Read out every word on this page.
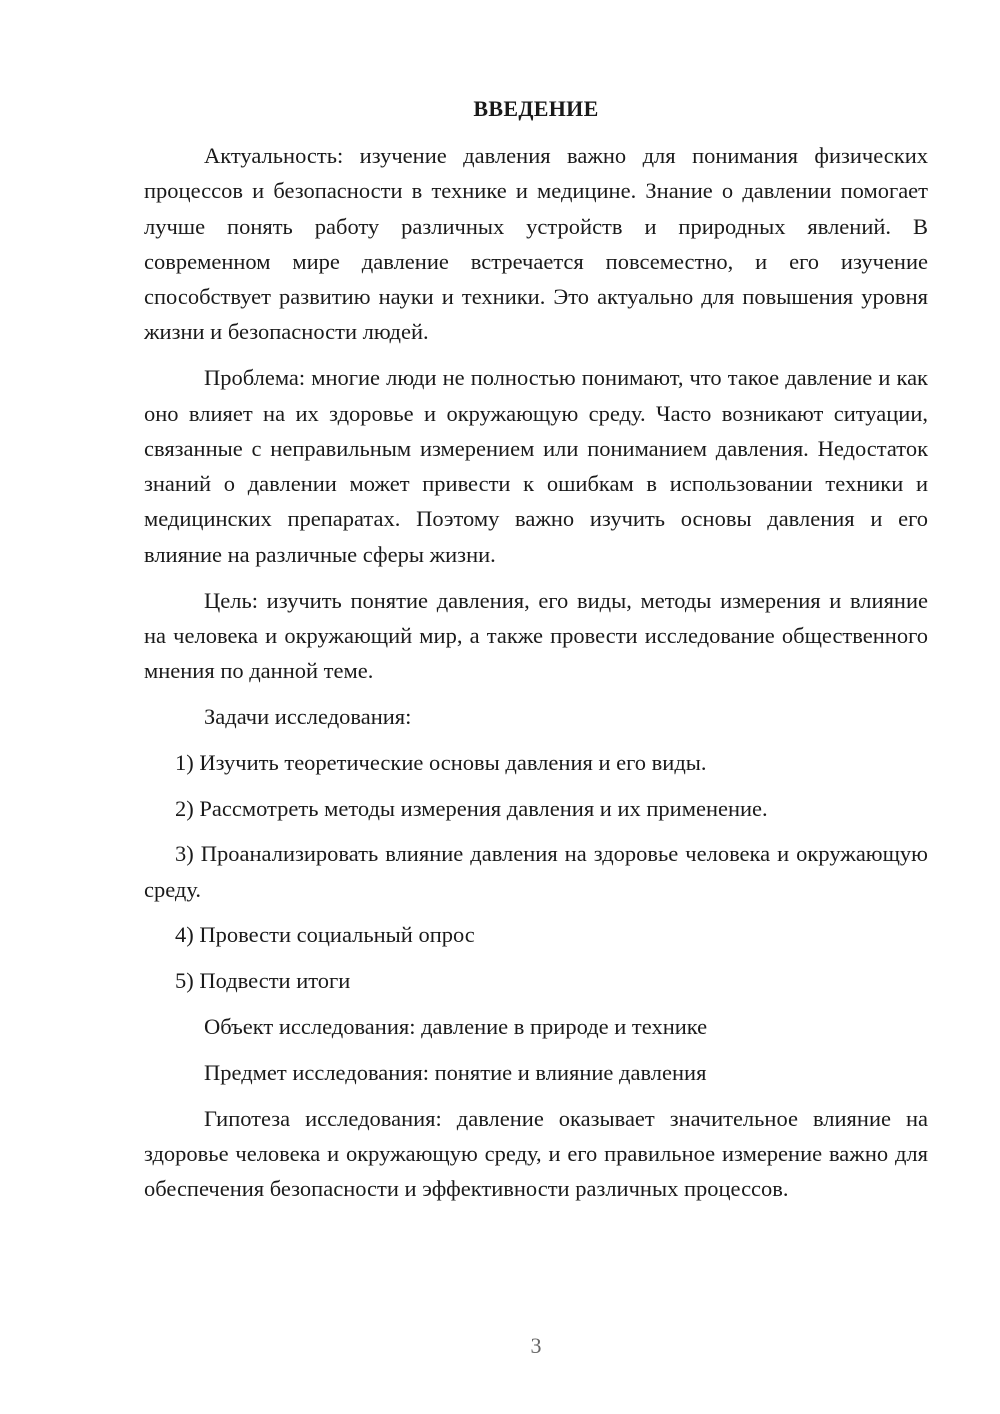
ВВЕДЕНИЕ

Актуальность: изучение давления важно для понимания физических процессов и безопасности в технике и медицине. Знание о давлении помогает лучше понять работу различных устройств и природных явлений. В современном мире давление встречается повсеместно, и его изучение способствует развитию науки и техники. Это актуально для повышения уровня жизни и безопасности людей.

Проблема: многие люди не полностью понимают, что такое давление и как оно влияет на их здоровье и окружающую среду. Часто возникают ситуации, связанные с неправильным измерением или пониманием давления. Недостаток знаний о давлении может привести к ошибкам в использовании техники и медицинских препаратах. Поэтому важно изучить основы давления и его влияние на различные сферы жизни.

Цель: изучить понятие давления, его виды, методы измерения и влияние на человека и окружающий мир, а также провести исследование общественного мнения по данной теме.

Задачи исследования:

1) Изучить теоретические основы давления и его виды.

2) Рассмотреть методы измерения давления и их применение.

3) Проанализировать влияние давления на здоровье человека и окружающую среду.

4) Провести социальный опрос

5) Подвести итоги

Объект исследования: давление в природе и технике

Предмет исследования: понятие и влияние давления

Гипотеза исследования: давление оказывает значительное влияние на здоровье человека и окружающую среду, и его правильное измерение важно для обеспечения безопасности и эффективности различных процессов.

3
